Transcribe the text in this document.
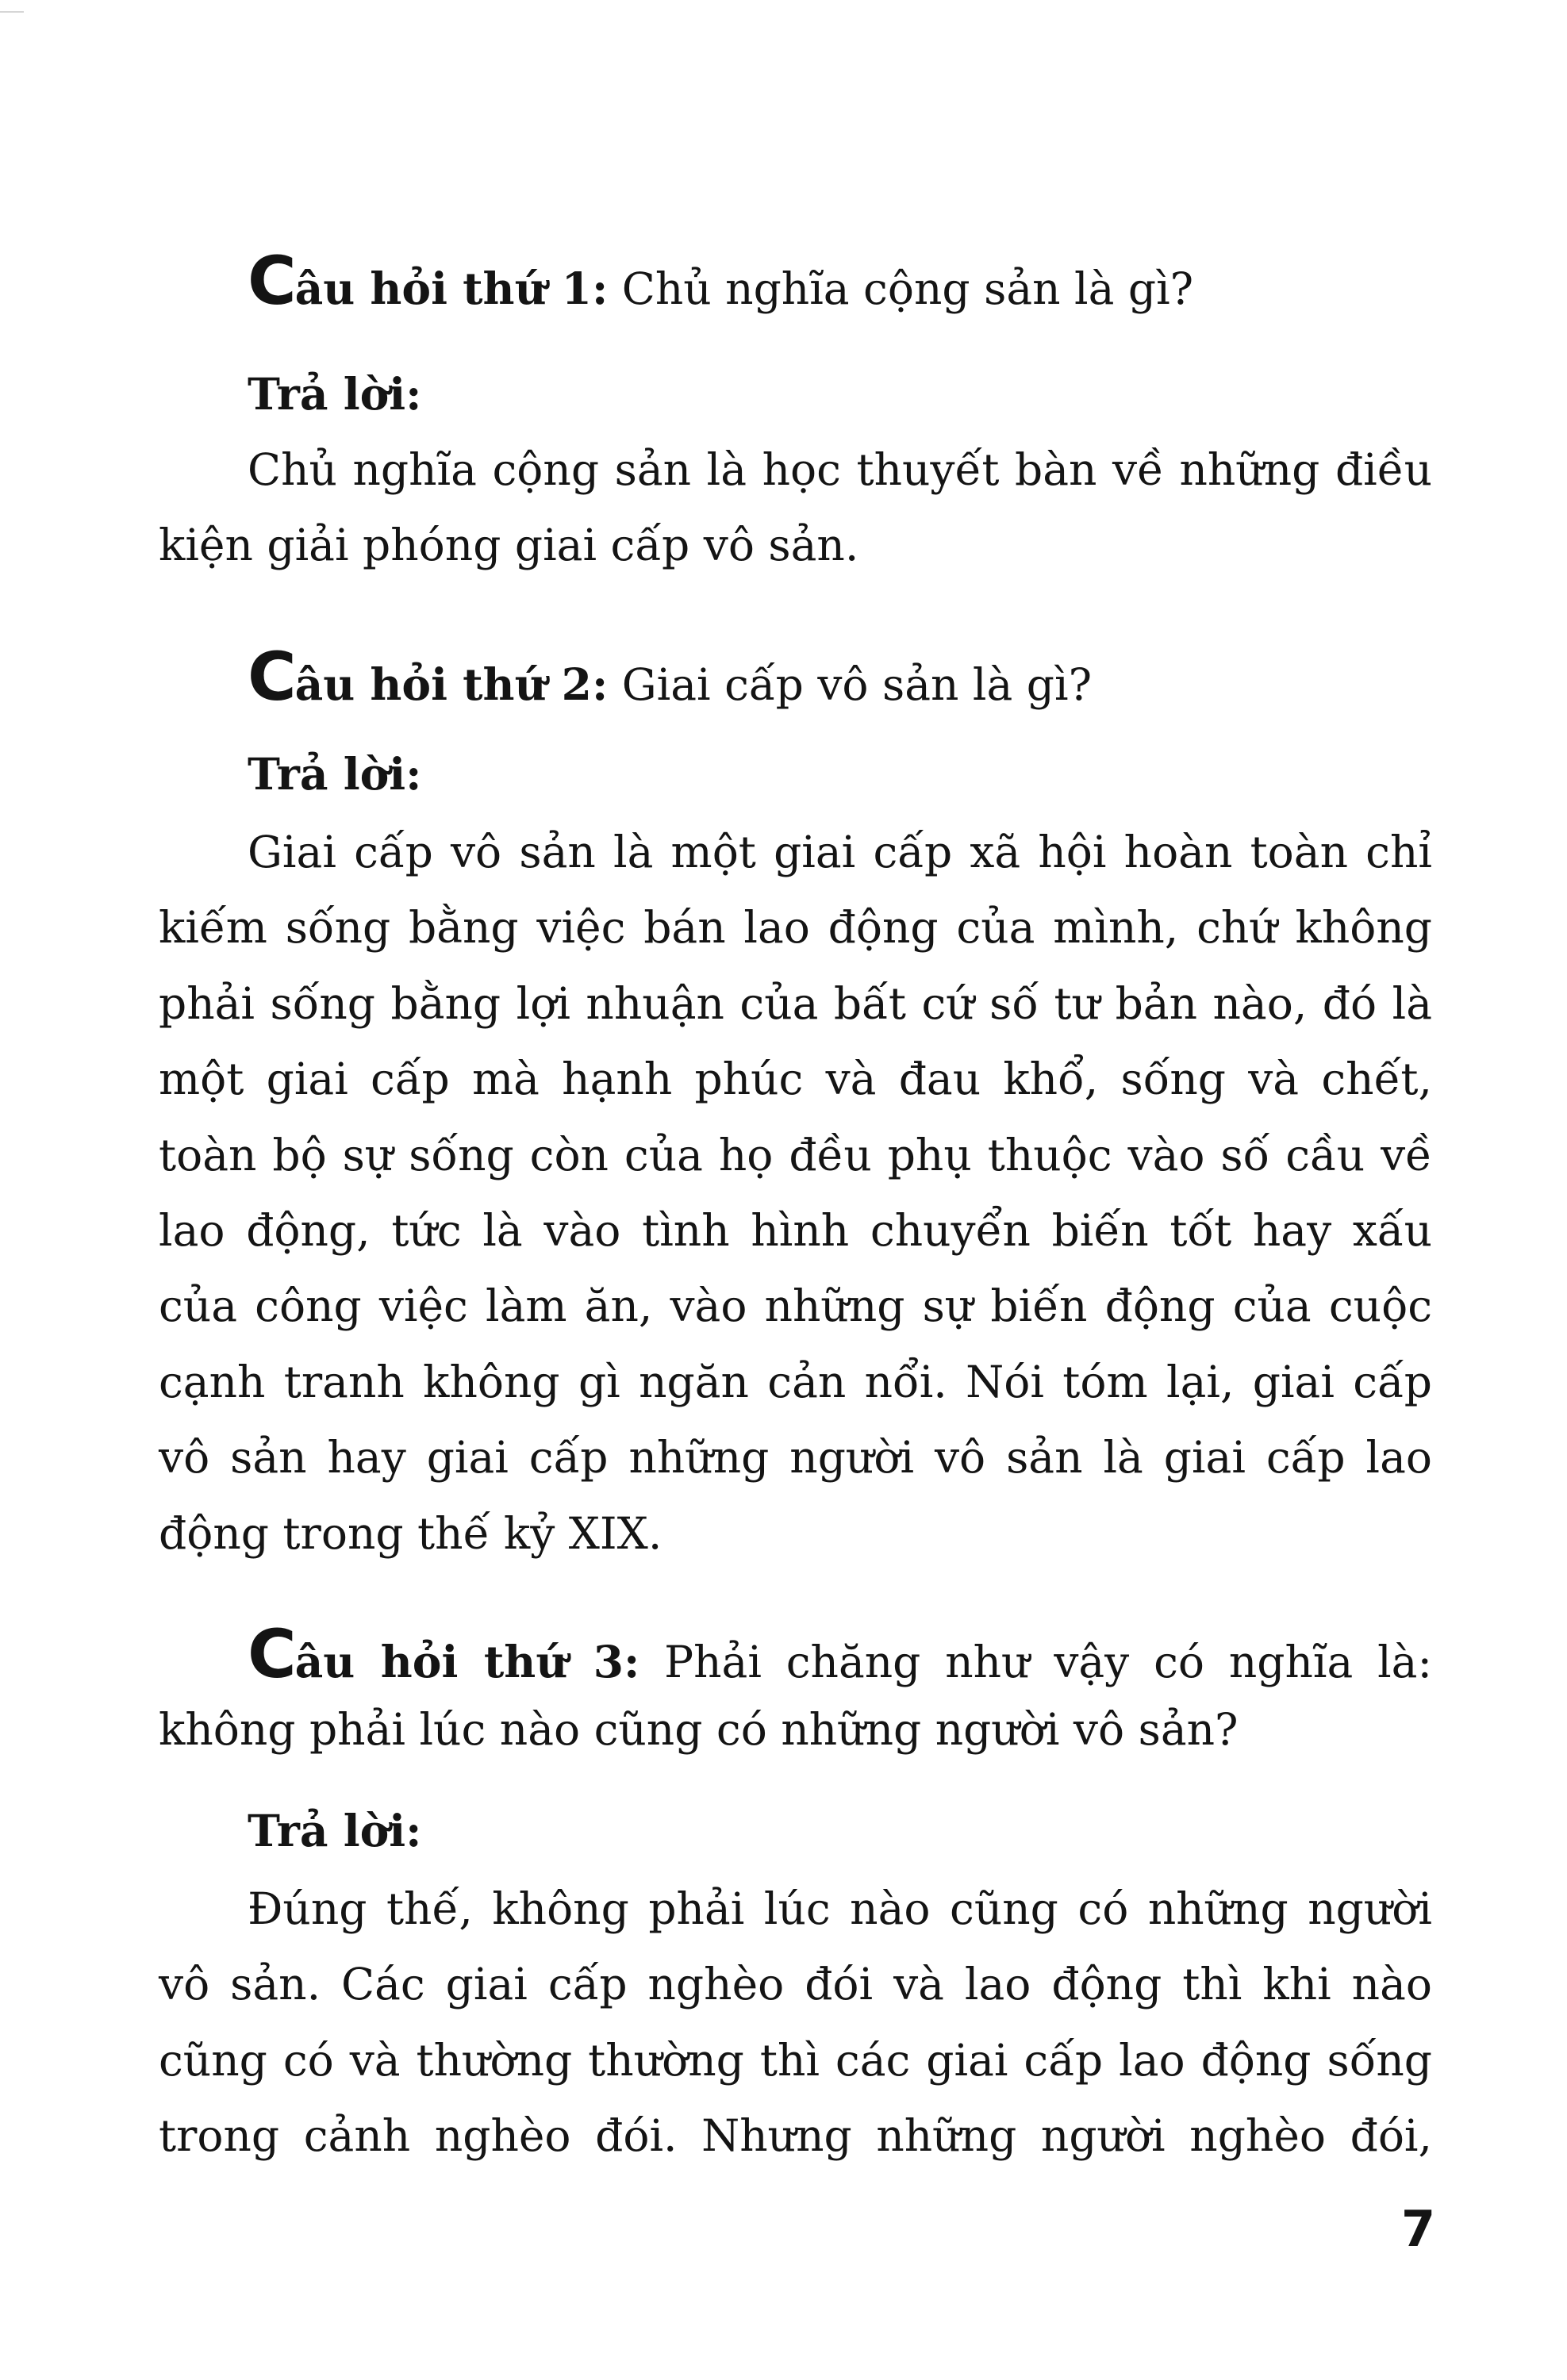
Câu hỏi thứ 1: Chủ nghĩa cộng sản là gì?
Trả lời:
Chủ nghĩa cộng sản là học thuyết bàn về những điều
kiện giải phóng giai cấp vô sản.
Câu hỏi thứ 2: Giai cấp vô sản là gì?
Trả lời:
Giai cấp vô sản là một giai cấp xã hội hoàn toàn chỉ
kiếm sống bằng việc bán lao động của mình, chứ không
phải sống bằng lợi nhuận của bất cứ số tư bản nào, đó là
một giai cấp mà hạnh phúc và đau khổ, sống và chết,
toàn bộ sự sống còn của họ đều phụ thuộc vào số cầu về
lao động, tức là vào tình hình chuyển biến tốt hay xấu
của công việc làm ăn, vào những sự biến động của cuộc
cạnh tranh không gì ngăn cản nổi. Nói tóm lại, giai cấp
vô sản hay giai cấp những người vô sản là giai cấp lao
động trong thế kỷ XIX.
Câu hỏi thứ 3: Phải chăng như vậy có nghĩa là:
không phải lúc nào cũng có những người vô sản?
Trả lời:
Đúng thế, không phải lúc nào cũng có những người
vô sản. Các giai cấp nghèo đói và lao động thì khi nào
cũng có và thường thường thì các giai cấp lao động sống
trong cảnh nghèo đói. Nhưng những người nghèo đói,
7
